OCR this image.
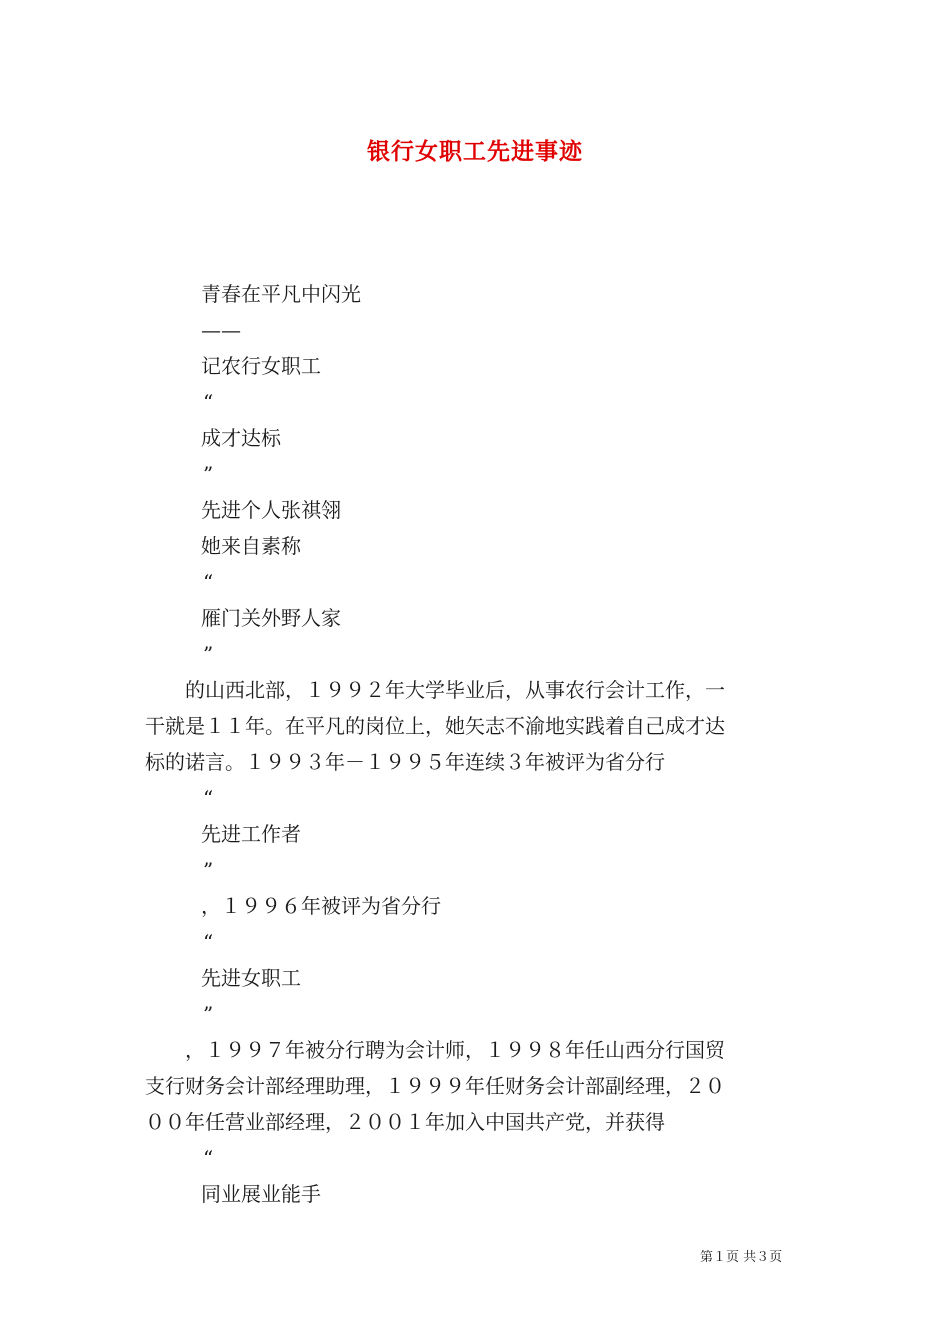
银行女职工先进事迹
青春在平凡中闪光
——
记农行女职工
“
成才达标
”
先进个人张祺翎
她来自素称
“
雁门关外野人家
”
　　的山西北部，１９９２年大学毕业后，从事农行会计工作，一
干就是１１年。在平凡的岗位上，她矢志不渝地实践着自己成才达
标的诺言。１９９３年－１９９５年连续３年被评为省分行
“
先进工作者
”
，１９９６年被评为省分行
“
先进女职工
”
　　，１９９７年被分行聘为会计师，１９９８年任山西分行国贸
支行财务会计部经理助理，１９９９年任财务会计部副经理，２０
００年任营业部经理，２００１年加入中国共产党，并获得
“
同业展业能手
第１页 共３页
